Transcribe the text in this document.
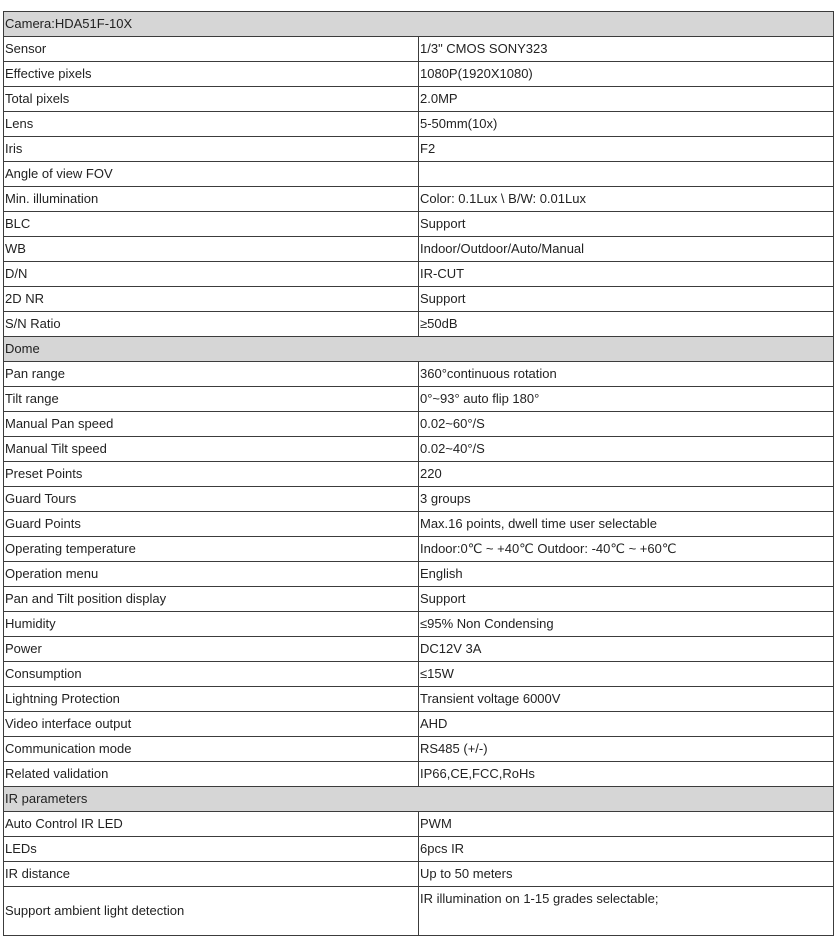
Camera:HDA51F-10X	
Sensor	1/3" CMOS SONY323
Effective pixels	1080P(1920X1080)
Total pixels	2.0MP
Lens	5-50mm(10x)
Iris	F2
Angle of view FOV	
Min. illumination	Color: 0.1Lux \ B/W: 0.01Lux
BLC	Support
WB	Indoor/Outdoor/Auto/Manual
D/N	IR-CUT
2D NR	Support
S/N Ratio	≥50dB
Dome	
Pan range	360°continuous rotation
Tilt range	0°~93° auto flip 180°
Manual Pan speed	0.02~60°/S
Manual Tilt speed	0.02~40°/S
Preset Points	220
Guard Tours	3 groups
Guard Points	Max.16 points, dwell time user selectable
Operating temperature	Indoor:0℃ ~ +40℃ Outdoor: -40℃ ~ +60℃
Operation menu	English
Pan and Tilt position display	Support
Humidity	≤95% Non Condensing
Power	DC12V 3A
Consumption	≤15W
Lightning Protection	Transient voltage 6000V
Video interface output	AHD
Communication mode	RS485 (+/-)
Related validation	IP66,CE,FCC,RoHs
IR parameters	
Auto Control IR LED	PWM
LEDs	6pcs IR
IR distance	Up to 50 meters
Support ambient light detection	IR illumination on 1-15 grades selectable;
